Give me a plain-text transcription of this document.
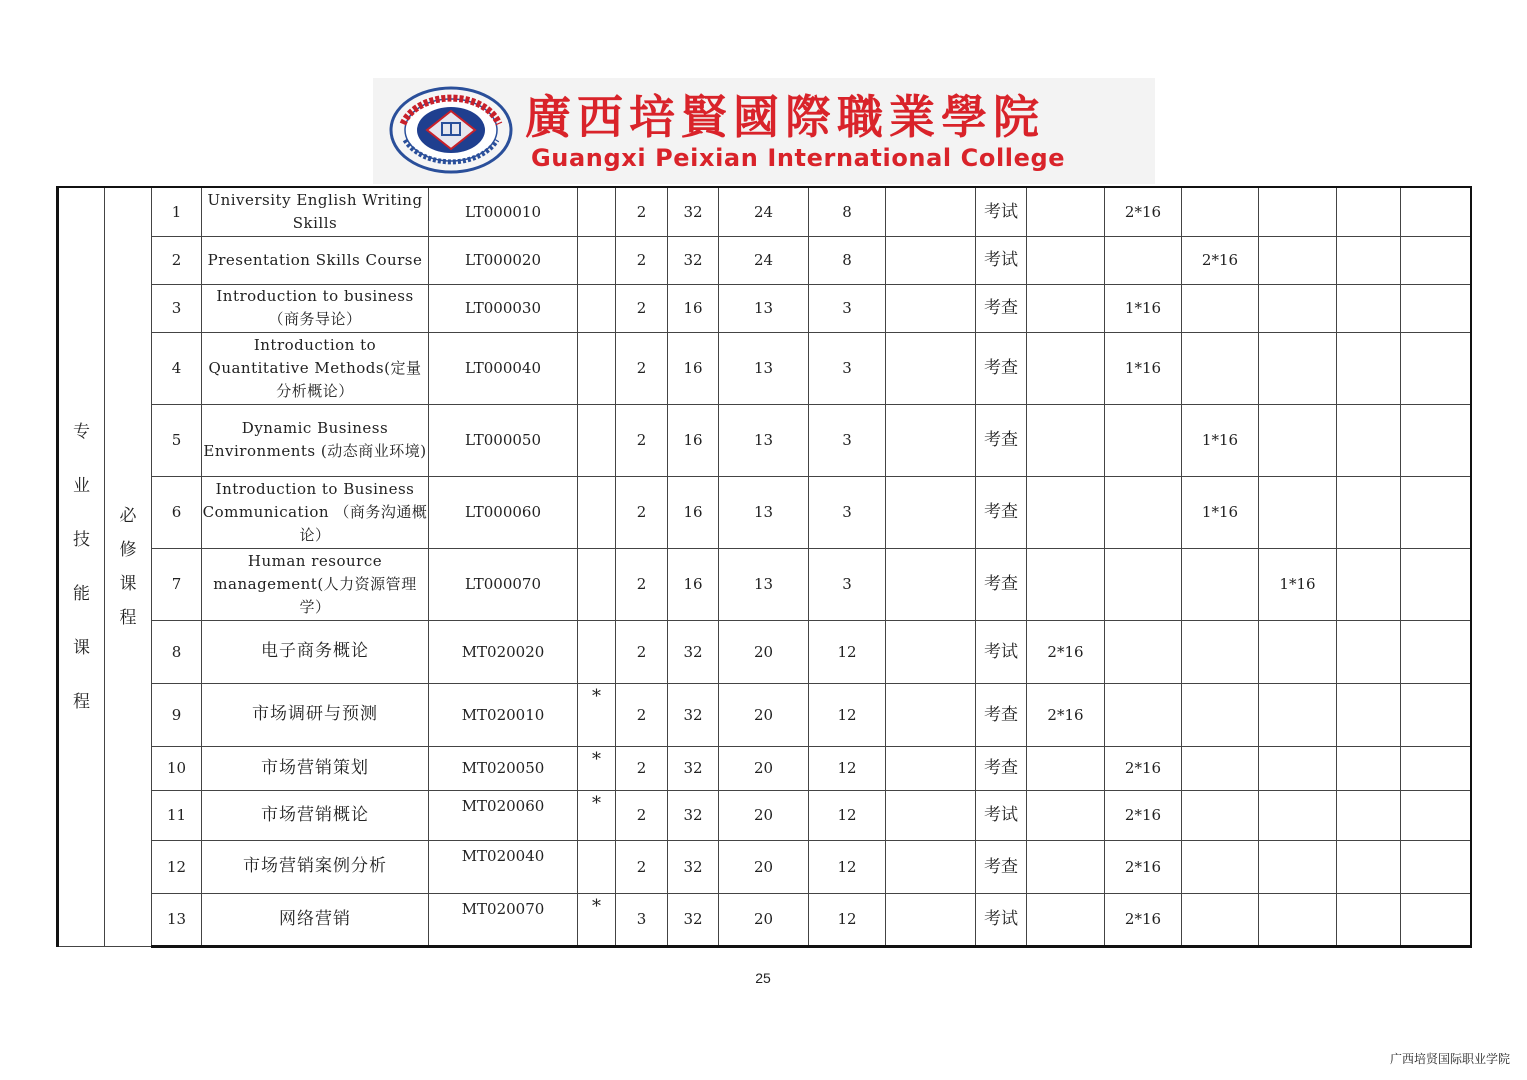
廣西培賢國際職業學院
Guangxi Peixian International College
专业技能课程	必修课程	1	University English Writing Skills	LT000010		2	32	24	8		考试		2*16				
		2	Presentation Skills Course	LT000020		2	32	24	8		考试			2*16			
		3	Introduction to business （商务导论）	LT000030		2	16	13	3		考查		1*16				
		4	Introduction to Quantitative Methods(定量分析概论）	LT000040		2	16	13	3		考查		1*16				
		5	Dynamic Business Environments (动态商业环境)	LT000050		2	16	13	3		考查			1*16			
		6	Introduction to Business Communication （商务沟通概论）	LT000060		2	16	13	3		考查			1*16			
		7	Human resource management(人力资源管理学）	LT000070		2	16	13	3		考查				1*16		
		8	电子商务概论	MT020020		2	32	20	12		考试	2*16					
		9	市场调研与预测	MT020010	*	2	32	20	12		考查	2*16					
		10	市场营销策划	MT020050	*	2	32	20	12		考查		2*16				
		11	市场营销概论	MT020060	*	2	32	20	12		考试		2*16				
		12	市场营销案例分析	MT020040		2	32	20	12		考查		2*16				
		13	网络营销	MT020070	*	3	32	20	12		考试		2*16				
25
广西培贤国际职业学院
